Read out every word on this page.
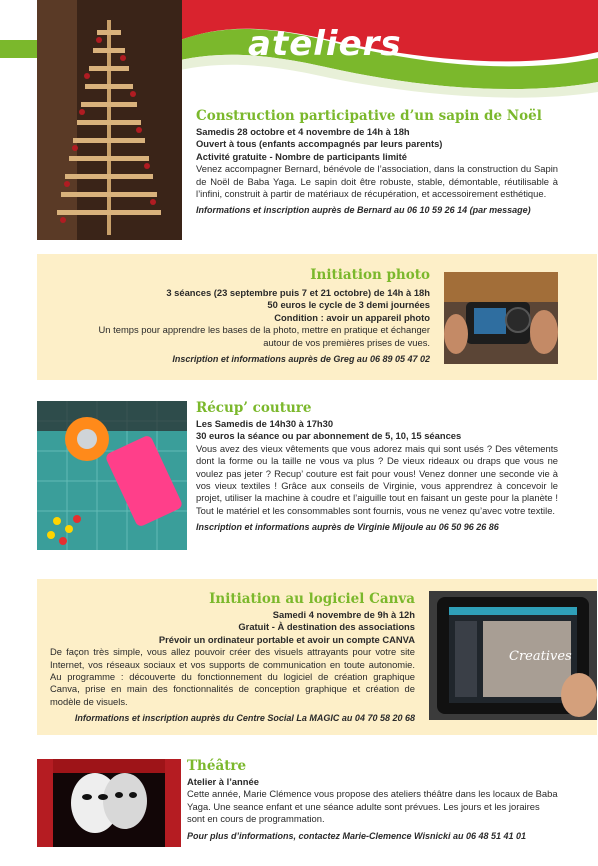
ateliers
Construction participative d’un sapin de Noël
Samedis 28 octobre et 4 novembre de 14h à 18h
Ouvert à tous (enfants accompagnés par leurs parents)
Activité gratuite - Nombre de participants limité
Venez accompagner Bernard, bénévole de l’association, dans la construction du Sapin de Noël de Baba Yaga. Le sapin doit être robuste, stable, démontable, réutilisable à l’infini, construit à partir de matériaux de récupération, et accessoirement esthétique.
Informations et inscription auprès de Bernard au 06 10 59 26 14 (par message)
Initiation photo
3 séances (23 septembre puis 7 et 21 octobre) de 14h à 18h
50 euros le cycle de 3 demi journées
Condition : avoir un appareil photo
Un temps pour apprendre les bases de la photo, mettre en pratique et échanger autour de vos premières prises de vues.
Inscription et informations auprès de Greg au 06 89 05 47 02
Récup’ couture
Les Samedis de 14h30 à 17h30
30 euros la séance ou par abonnement de 5, 10, 15 séances
Vous avez des vieux vêtements que vous adorez mais qui sont usés ? Des vêtements dont la forme ou la taille ne vous va plus ? De vieux rideaux ou draps que vous ne voulez pas jeter ? Recup’ couture est fait pour vous! Venez donner une seconde vie à vos vieux textiles ! Grâce aux conseils de Virginie, vous apprendrez à concevoir le projet, utiliser la machine à coudre et l’aiguille tout en faisant un geste pour la planète ! Tout le matériel et les consommables sont fournis, vous ne venez qu’avec votre textile.
Inscription et informations auprès de Virginie Mijoule au 06 50 96 26 86
Initiation au logiciel Canva
Samedi 4 novembre de 9h à 12h
Gratuit - À destination des associations
Prévoir un ordinateur portable et avoir un compte CANVA
De façon très simple, vous allez pouvoir créer des visuels attrayants pour votre site Internet, vos réseaux sociaux et vos supports de communication en toute autonomie. Au programme : découverte du fonctionnement du logiciel de création graphique Canva, prise en main des fonctionnalités de conception graphique et création de modèle de visuels.
Informations et inscription auprès du Centre Social La MAGIC au 04 70 58 20 68
Creatives
Théâtre
Atelier à l’année
Cette année, Marie Clémence vous propose des ateliers théâtre dans les locaux de Baba Yaga. Une seance enfant et une séance adulte sont prévues. Les jours et les joraires sont en cours de programmation.
Pour plus d’informations, contactez Marie-Clemence Wisnicki au 06 48 51 41 01
